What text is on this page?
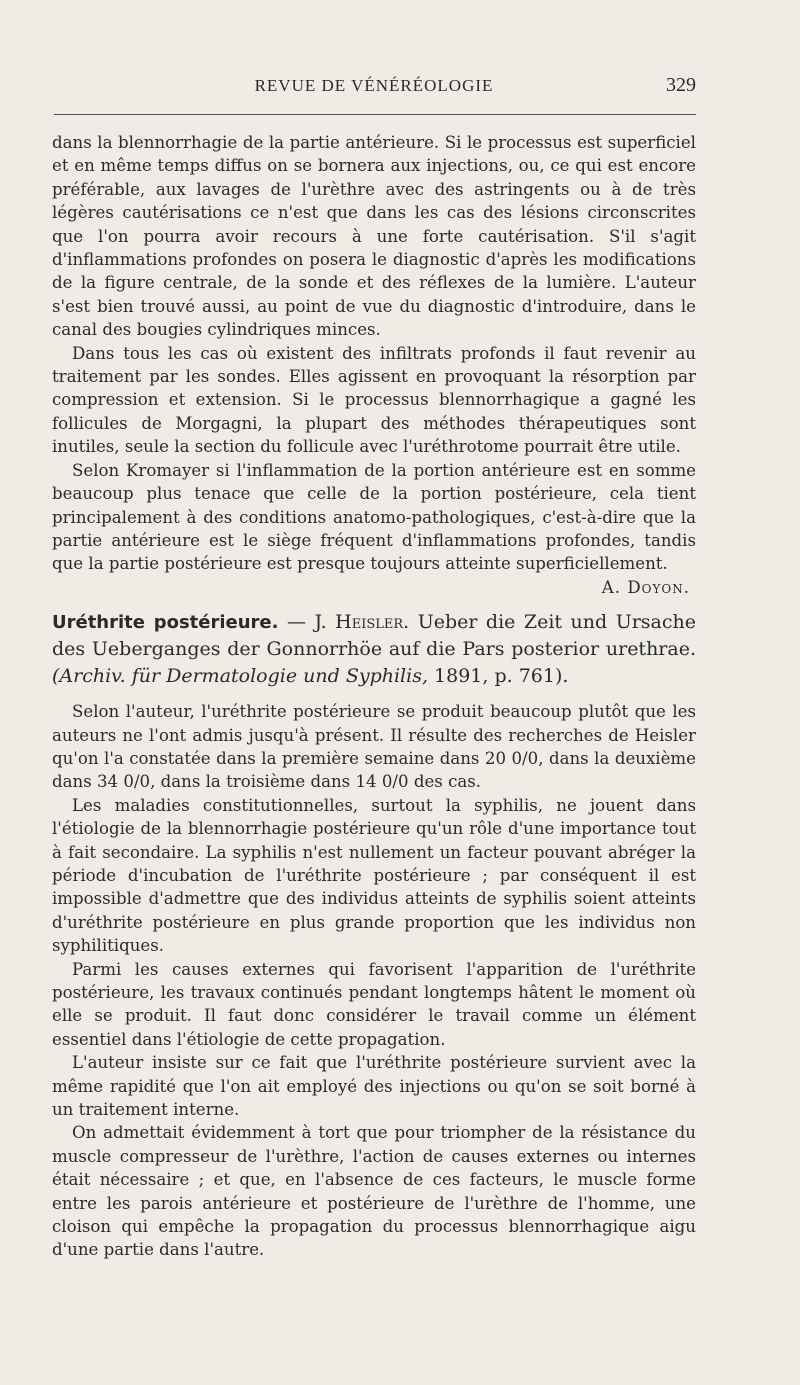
REVUE DE VÉNÉRÉOLOGIE	329

dans la blennorrhagie de la partie antérieure. Si le processus est superficiel et en même temps diffus on se bornera aux injections, ou, ce qui est encore préférable, aux lavages de l'urèthre avec des astringents ou à de très légères cautérisations ce n'est que dans les cas des lésions circonscrites que l'on pourra avoir recours à une forte cautérisation. S'il s'agit d'inflammations profondes on posera le diagnostic d'après les modifications de la figure centrale, de la sonde et des réflexes de la lumière. L'auteur s'est bien trouvé aussi, au point de vue du diagnostic d'introduire, dans le canal des bougies cylindriques minces.

Dans tous les cas où existent des infiltrats profonds il faut revenir au traitement par les sondes. Elles agissent en provoquant la résorption par compression et extension. Si le processus blennorrhagique a gagné les follicules de Morgagni, la plupart des méthodes thérapeutiques sont inutiles, seule la section du follicule avec l'uréthrotome pourrait être utile.

Selon Kromayer si l'inflammation de la portion antérieure est en somme beaucoup plus tenace que celle de la portion postérieure, cela tient principalement à des conditions anatomo-pathologiques, c'est-à-dire que la partie antérieure est le siège fréquent d'inflammations profondes, tandis que la partie postérieure est presque toujours atteinte superficiellement.

A. Doyon.
Uréthrite postérieure. — J. Heisler. Ueber die Zeit und Ursache des Ueberganges der Gonnorrhöe auf die Pars posterior urethrae. (Archiv. für Dermatologie und Syphilis, 1891, p. 761).

Selon l'auteur, l'uréthrite postérieure se produit beaucoup plutôt que les auteurs ne l'ont admis jusqu'à présent. Il résulte des recherches de Heisler qu'on l'a constatée dans la première semaine dans 20 0/0, dans la deuxième dans 34 0/0, dans la troisième dans 14 0/0 des cas.

Les maladies constitutionnelles, surtout la syphilis, ne jouent dans l'étiologie de la blennorrhagie postérieure qu'un rôle d'une importance tout à fait secondaire. La syphilis n'est nullement un facteur pouvant abréger la période d'incubation de l'uréthrite postérieure ; par conséquent il est impossible d'admettre que des individus atteints de syphilis soient atteints d'uréthrite postérieure en plus grande proportion que les individus non syphilitiques.

Parmi les causes externes qui favorisent l'apparition de l'uréthrite postérieure, les travaux continués pendant longtemps hâtent le moment où elle se produit. Il faut donc considérer le travail comme un élément essentiel dans l'étiologie de cette propagation.

L'auteur insiste sur ce fait que l'uréthrite postérieure survient avec la même rapidité que l'on ait employé des injections ou qu'on se soit borné à un traitement interne.

On admettait évidemment à tort que pour triompher de la résistance du muscle compresseur de l'urèthre, l'action de causes externes ou internes était nécessaire ; et que, en l'absence de ces facteurs, le muscle forme entre les parois antérieure et postérieure de l'urèthre de l'homme, une cloison qui empêche la propagation du processus blennorrhagique aigu d'une partie dans l'autre.
